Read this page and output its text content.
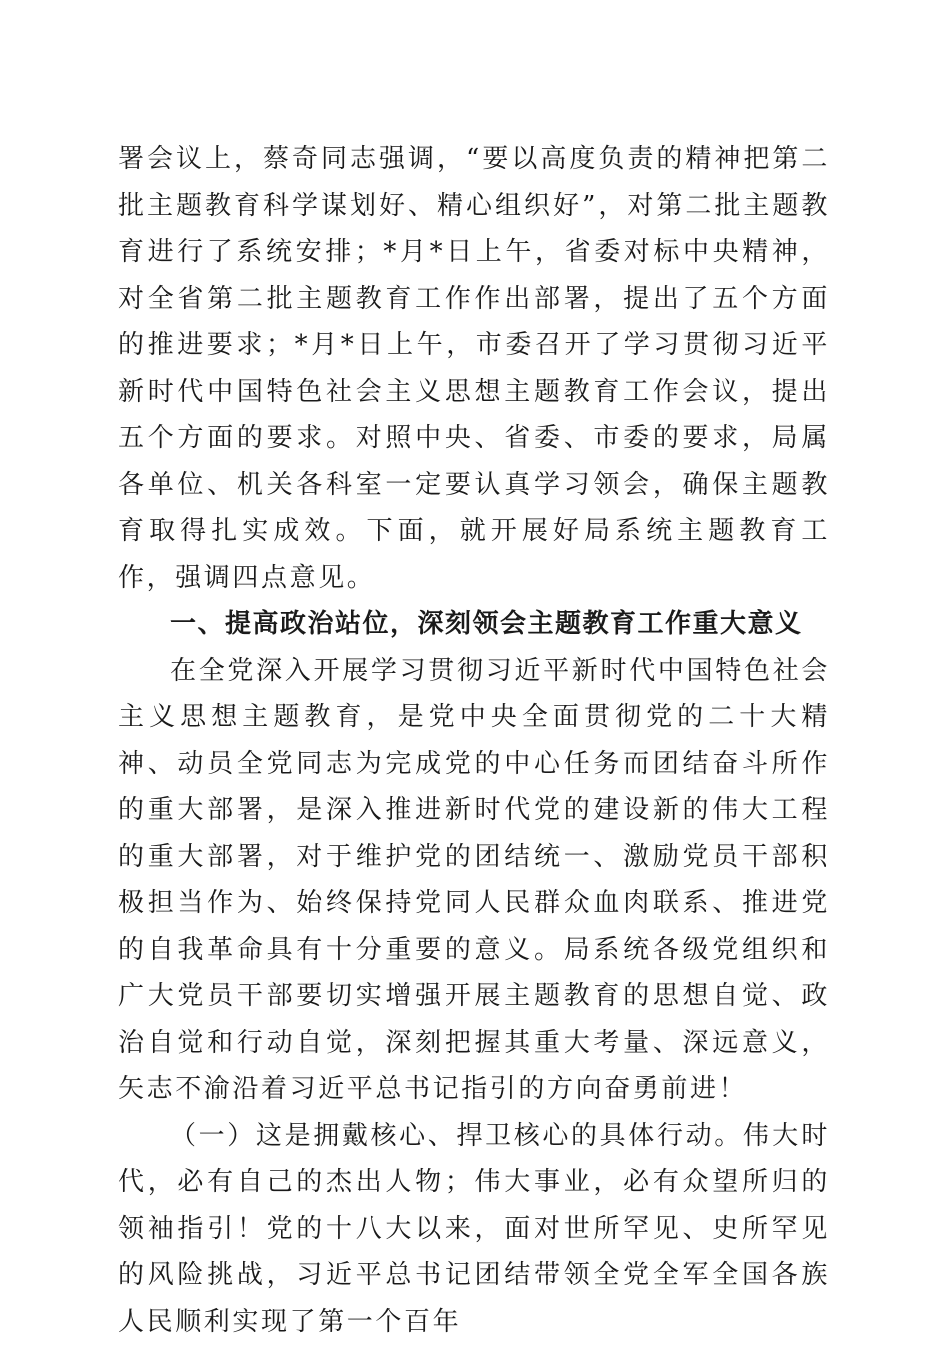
署会议上，蔡奇同志强调，“要以高度负责的精神把第二批主题教育科学谋划好、精心组织好”，对第二批主题教育进行了系统安排；*月*日上午，省委对标中央精神，对全省第二批主题教育工作作出部署，提出了五个方面的推进要求；*月*日上午，市委召开了学习贯彻习近平新时代中国特色社会主义思想主题教育工作会议，提出五个方面的要求。对照中央、省委、市委的要求，局属各单位、机关各科室一定要认真学习领会，确保主题教育取得扎实成效。下面，就开展好局系统主题教育工作，强调四点意见。

一、提高政治站位，深刻领会主题教育工作重大意义

在全党深入开展学习贯彻习近平新时代中国特色社会主义思想主题教育，是党中央全面贯彻党的二十大精神、动员全党同志为完成党的中心任务而团结奋斗所作的重大部署，是深入推进新时代党的建设新的伟大工程的重大部署，对于维护党的团结统一、激励党员干部积极担当作为、始终保持党同人民群众血肉联系、推进党的自我革命具有十分重要的意义。局系统各级党组织和广大党员干部要切实增强开展主题教育的思想自觉、政治自觉和行动自觉，深刻把握其重大考量、深远意义，矢志不渝沿着习近平总书记指引的方向奋勇前进！

（一）这是拥戴核心、捍卫核心的具体行动。伟大时代，必有自己的杰出人物；伟大事业，必有众望所归的领袖指引！党的十八大以来，面对世所罕见、史所罕见的风险挑战，习近平总书记团结带领全党全军全国各族人民顺利实现了第一个百年
